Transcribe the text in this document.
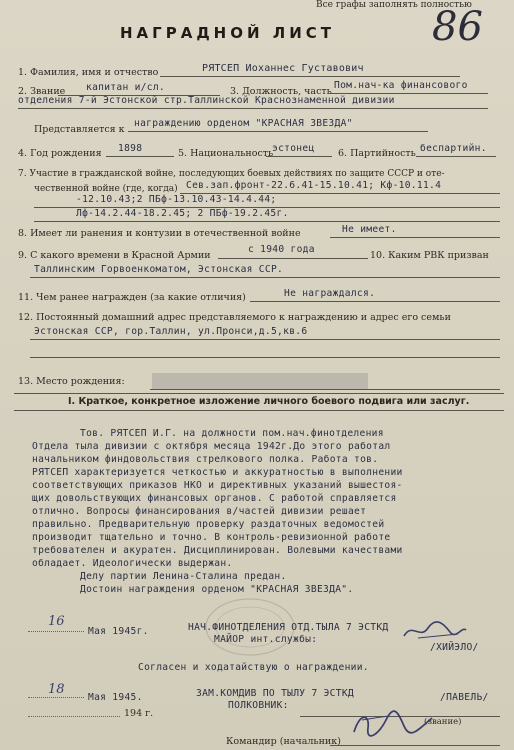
Все графы заполнять полностью
86
НАГРАДНОЙ ЛИСТ
1. Фамилия, имя и отчество	РЯТСЕП Иоханнес Густавович
2. Звание капитан и/сл.	3. Должность, часть
Пом.нач-ка финансового
отделения 7-й Эстонской стр.Таллинской Краснознаменной дивизии
Представляется к
награждению орденом "КРАСНАЯ ЗВЕЗДА"
4. Год рождения 1898	5. Национальность
эстонец 6. Партийность беспартийн.
7. Участие в гражданской войне, последующих боевых действиях по защите СССР и оте-
чественной войне (где, когда) Сев.зап.фронт-22.6.41-15.10.41; Кф-10.11.4
-12.10.43;2 ПБф-13.10.43-14.4.44;
Лф-14.2.44-18.2.45; 2 ПБф-19.2.45г.
8. Имеет ли ранения и контузии в отечественной войне	Не имеет.
9. С какого времени в Красной Армии
с 1940 года
10. Каким РВК призван
Таллинским Горвоенкоматом, Эстонская ССР.
11. Чем ранее награжден (за какие отличия)	Не награждался.
12. Постоянный домашний адрес представляемого к награждению и адрес его семьи
Эстонская ССР, гор.Таллин, ул.Пронси,д.5,кв.6
13. Место рождения:
I. Краткое, конкретное изложение личного боевого подвига или заслуг.
Тов. РЯТСЕП И.Г. на должности пом.нач.финотделения
Отдела тыла дивизии с октября месяца 1942г.До этого работал
начальником финдовольствия стрелкового полка. Работа тов.
РЯТСЕП характеризуется четкостью и аккуратностью в выполнении
соответствующих приказов НКО и директивных указаний вышестоя-
щих довольствующих финансовых органов. С работой справляется
отлично. Вопросы финансирования в/частей дивизии решает
правильно. Предварительную проверку раздаточных ведомостей
производит тщательно и точно. В контроль-ревизионной работе
требователен и акуратен. Дисциплинирован. Волевыми качествами
обладает. Идеологически выдержан.
Делу партии Ленина-Сталина предан.
Достоин награждения орденом "КРАСНАЯ ЗВЕЗДА".
16
Мая 1945г.	НАЧ.ФИНОТДЕЛЕНИЯ ОТД.ТЫЛА 7 ЭСТКД
МАЙОР инт.службы:
/ХИЙЭЛО/
Согласен и ходатайствую о награждении.
18
Мая 1945.	ЗАМ.КОМДИВ ПО ТЫЛУ 7 ЭСТКД
ПОЛКОВНИК:
/ПАВЕЛЬ/
194 г.
(звание)
Командир (начальник)
